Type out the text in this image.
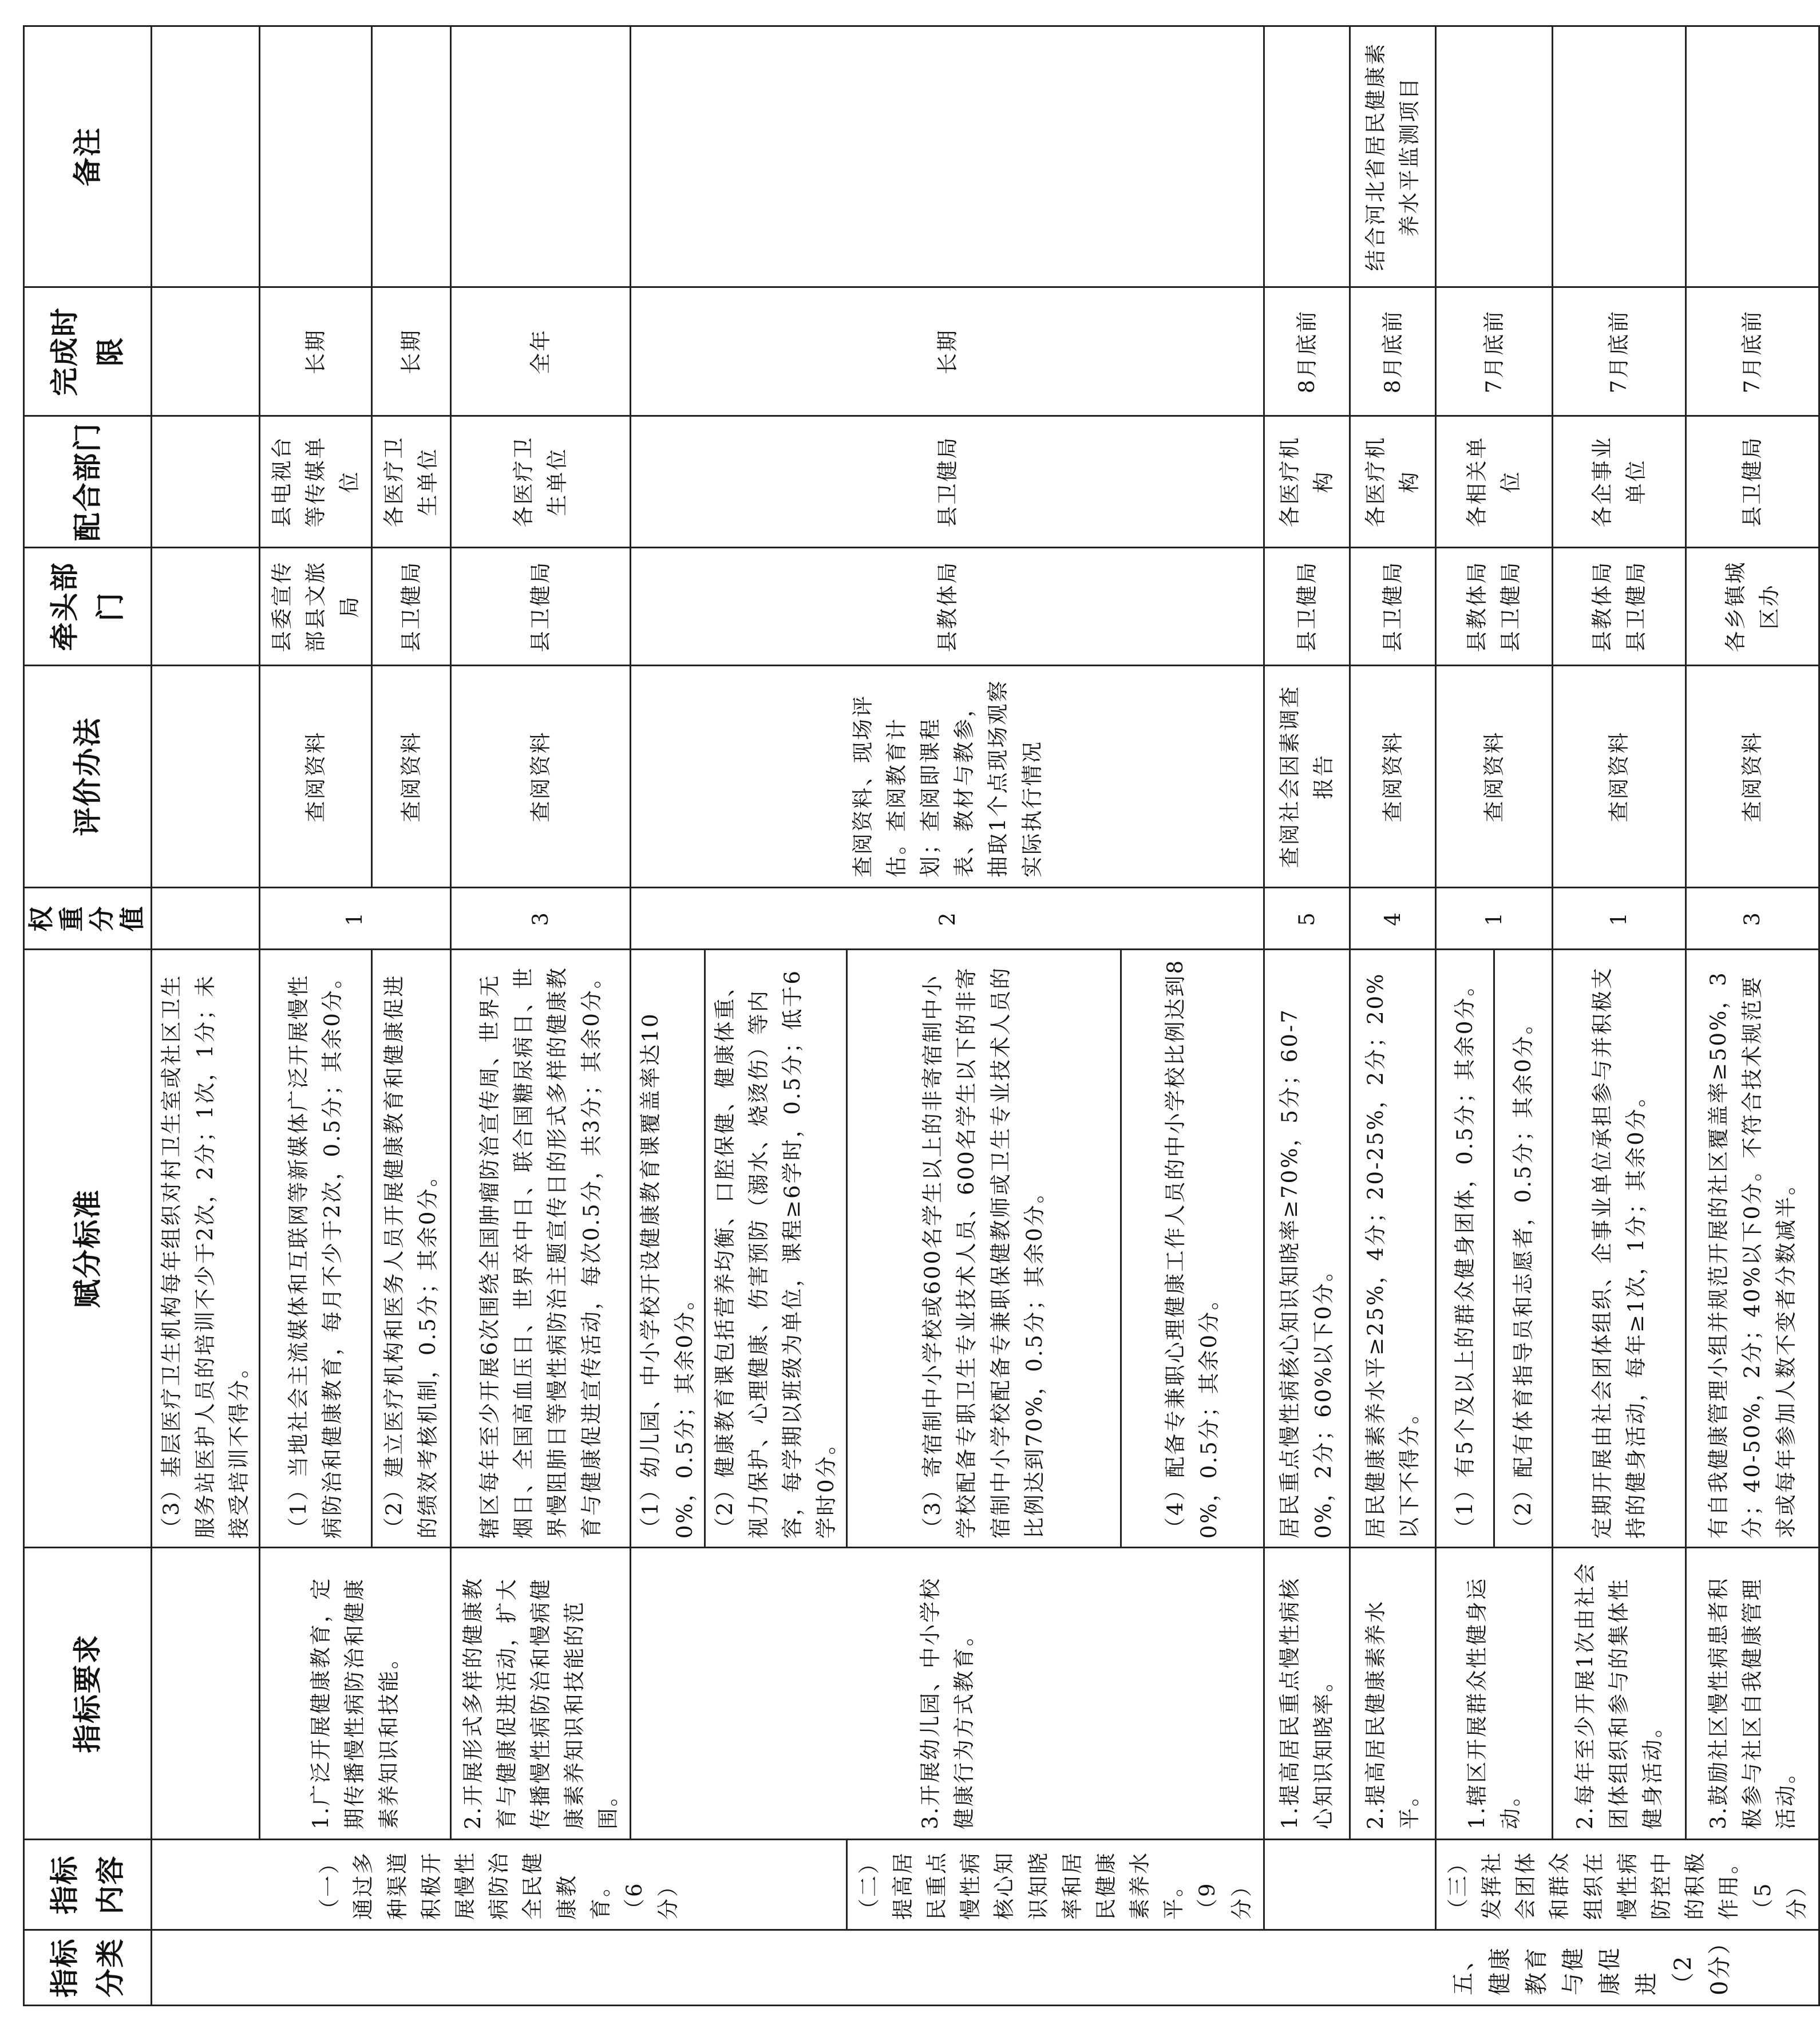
指标分类	指标内容	指标要求	赋分标准	权重分值	评价办法	牵头部门	配合部门	完成时限	备注
五、健康教育与健康促进（20分）	（一）通过多种渠道积极开展慢性病防治全民健康教育。（6分）		（3）基层医疗卫生机构每年组织对村卫生室或社区卫生服务站医护人员的培训不少于2次，2分；1次，1分；未接受培训不得分。						
		1.广泛开展健康教育，定期传播慢性病防治和健康素养知识和技能。	（1）当地社会主流媒体和互联网等新媒体广泛开展慢性病防治和健康教育，每月不少于2次，0.5分；其余0分。	1	查阅资料	县委宣传部县文旅局	县电视台等传媒单位	长期	
			（2）建立医疗机构和医务人员开展健康教育和健康促进的绩效考核机制，0.5分；其余0分。		查阅资料	县卫健局	各医疗卫生单位	长期	
		2.开展形式多样的健康教育与健康促进活动，扩大传播慢性病防治和慢病健康素养知识和技能的范围。	辖区每年至少开展6次围绕全国肿瘤防治宣传周、世界无烟日、全国高血压日、世界卒中日、联合国糖尿病日、世界慢阻肺日等慢性病防治主题宣传日的形式多样的健康教育与健康促进宣传活动，每次0.5分，共3分；其余0分。	3	查阅资料	县卫健局	各医疗卫生单位	全年	
		3.开展幼儿园、中小学校健康行为方式教育。	（1）幼儿园、中小学校开设健康教育课覆盖率达100%，0.5分；其余0分。	2	查阅资料、现场评估。查阅教育计划；查阅即课程表、教材与教参，抽取1个点现场观察实际执行情况	县教体局	县卫健局	长期	
			（2）健康教育课包括营养均衡、口腔保健、健康体重、视力保护、心理健康、伤害预防（溺水、烧烫伤）等内容，每学期以班级为单位，课程≥6学时，0.5分；低于6学时0分。						
	（二）提高居民重点慢性病核心知识知晓率和居民健康素养水平。（9分）		（3）寄宿制中小学校或600名学生以上的非寄宿制中小学校配备专职卫生专业技术人员、600名学生以下的非寄宿制中小学校配备专兼职保健教师或卫生专业技术人员的比例达到70%，0.5分；其余0分。						
			（4）配备专兼职心理健康工作人员的中小学校比例达到80%，0.5分；其余0分。						
		1.提高居民重点慢性病核心知识知晓率。	居民重点慢性病核心知识知晓率≥70%，5分；60-70%，2分；60%以下0分。	5	查阅社会因素调查报告	县卫健局	各医疗机构	8月底前	
		2.提高居民健康素养水平。	居民健康素养水平≥25%，4分；20-25%，2分；20%以下不得分。	4	查阅资料	县卫健局	各医疗机构	8月底前	结合河北省居民健康素养水平监测项目
	（三）发挥社会团体和群众组织在慢性病防控中的积极作用。（5分）	1.辖区开展群众性健身运动。	（1）有5个及以上的群众健身团体，0.5分；其余0分。	1	查阅资料	县教体局县卫健局	各相关单位	7月底前	
			（2）配有体育指导员和志愿者，0.5分；其余0分。						
		2.每年至少开展1次由社会团体组织和参与的集体性健身活动。	定期开展由社会团体组织、企事业单位承担参与并积极支持的健身活动，每年≥1次，1分；其余0分。	1	查阅资料	县教体局县卫健局	各企事业单位	7月底前	
		3.鼓励社区慢性病患者积极参与社区自我健康管理活动。	有自我健康管理小组并规范开展的社区覆盖率≥50%，3分；40-50%，2分；40%以下0分。不符合技术规范要求或每年参加人数不变者分数减半。	3	查阅资料	各乡镇城区办	县卫健局	7月底前	
